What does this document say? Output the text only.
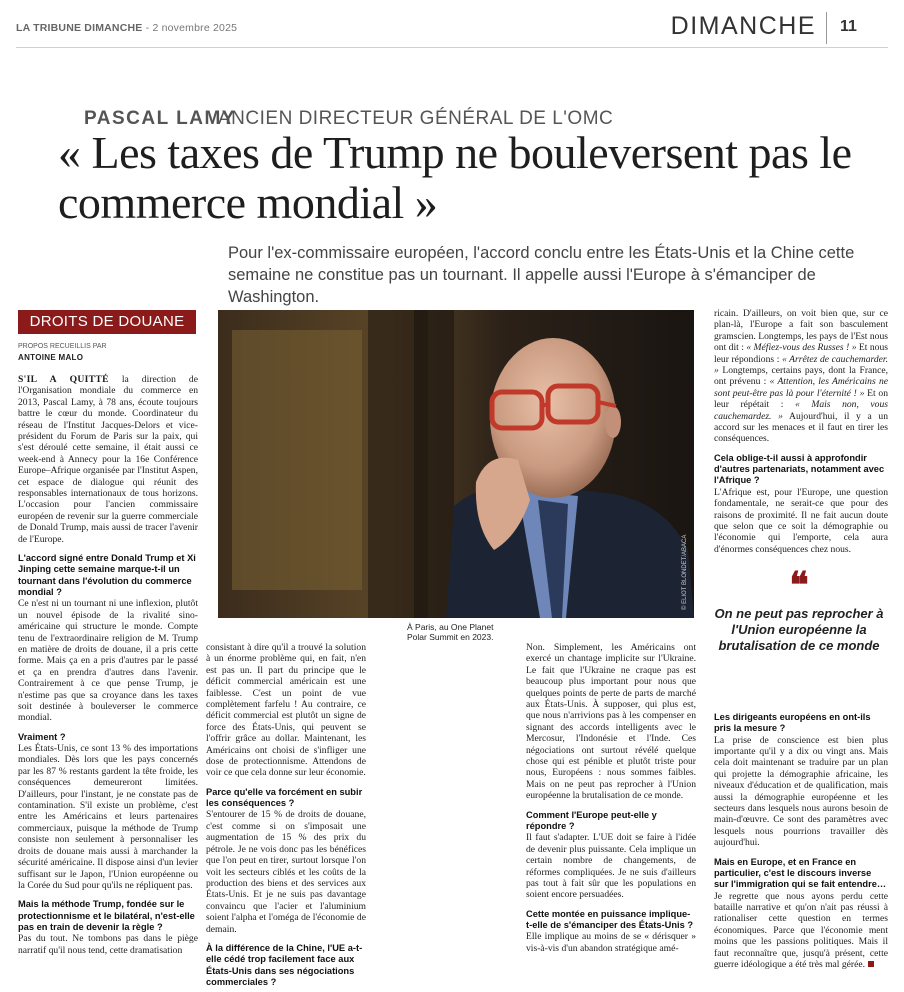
LA TRIBUNE DIMANCHE - 2 novembre 2025	DIMANCHE 11
PASCAL LAMY
ANCIEN DIRECTEUR GÉNÉRAL DE L'OMC
« Les taxes de Trump ne bouleversent pas le commerce mondial »
Pour l'ex-commissaire européen, l'accord conclu entre les États-Unis et la Chine cette semaine ne constitue pas un tournant. Il appelle aussi l'Europe à s'émanciper de Washington.
DROITS DE DOUANE
PROPOS RECUEILLIS PAR
ANTOINE MALO

S'IL A QUITTÉ la direction de l'Organisation mondiale du commerce en 2013, Pascal Lamy, à 78 ans, écoute toujours battre le cœur du monde. Coordinateur du réseau de l'Institut Jacques-Delors et vice-président du Forum de Paris sur la paix, qui s'est déroulé cette semaine, il était aussi ce week-end à Annecy pour la 16e Conférence Europe–Afrique organisée par l'Institut Aspen, cet espace de dialogue qui réunit des responsables internationaux de tous horizons. L'occasion pour l'ancien commissaire européen de revenir sur la guerre commerciale de Donald Trump, mais aussi de tracer l'avenir de l'Europe.

L'accord signé entre Donald Trump et Xi Jinping cette semaine marque-t-il un tournant dans l'évolution du commerce mondial ?

Ce n'est ni un tournant ni une inflexion, plutôt un nouvel épisode de la rivalité sino-américaine qui structure le monde. Compte tenu de l'extraordinaire religion de M. Trump en matière de droits de douane, il a pris cette forme. Mais ça en a pris d'autres par le passé et ça en prendra d'autres dans l'avenir. Contrairement à ce que pense Trump, je n'estime pas que sa croyance dans les taxes soit destinée à bouleverser le commerce mondial.

Vraiment ?

Les États-Unis, ce sont 13 % des importations mondiales. Dès lors que les pays concernés par les 87 % restants gardent la tête froide, les conséquences demeureront limitées. D'ailleurs, pour l'instant, je ne constate pas de contamination. S'il existe un problème, c'est entre les Américains et leurs partenaires commerciaux, puisque la méthode de Trump consiste non seulement à personnaliser les droits de douane mais aussi à marchander la sécurité américaine. Il dispose ainsi d'un levier suffisant sur le Japon, l'Union européenne ou la Corée du Sud pour qu'ils ne répliquent pas.

Mais la méthode Trump, fondée sur le protectionnisme et le bilatéral, n'est-elle pas en train de devenir la règle ?

Pas du tout. Ne tombons pas dans le piège narratif qu'il nous tend, cette dramatisation

© ELIOT BLONDET/ABACA
À Paris, au One Planet Polar Summit en 2023.

consistant à dire qu'il a trouvé la solution à un énorme problème qui, en fait, n'en est pas un. Il part du principe que le déficit commercial américain est une faiblesse. C'est un point de vue complètement farfelu ! Au contraire, ce déficit commercial est plutôt un signe de force des États-Unis, qui peuvent se l'offrir grâce au dollar. Maintenant, les Américains ont choisi de s'infliger une dose de protectionnisme. Attendons de voir ce que cela donne sur leur économie.

Parce qu'elle va forcément en subir les conséquences ?

S'entourer de 15 % de droits de douane, c'est comme si on s'imposait une augmentation de 15 % des prix du pétrole. Je ne vois donc pas les bénéfices que l'on peut en tirer, surtout lorsque l'on voit les secteurs ciblés et les coûts de la production des biens et des services aux États-Unis. Et je ne suis pas davantage convaincu que l'acier et l'aluminium soient l'alpha et l'oméga de l'économie de demain.

À la différence de la Chine, l'UE a-t-elle cédé trop facilement face aux États-Unis dans ses négociations commerciales ?

Non. Simplement, les Américains ont exercé un chantage implicite sur l'Ukraine. Le fait que l'Ukraine ne craque pas est beaucoup plus important pour nous que quelques points de perte de parts de marché aux États-Unis. À supposer, qui plus est, que nous n'arrivions pas à les compenser en signant des accords intelligents avec le Mercosur, l'Indonésie et l'Inde. Ces négociations ont surtout révélé quelque chose qui est pénible et plutôt triste pour nous, Européens : nous sommes faibles. Mais on ne peut pas reprocher à l'Union européenne la brutalisation de ce monde.

Comment l'Europe peut-elle y répondre ?

Il faut s'adapter. L'UE doit se faire à l'idée de devenir plus puissante. Cela implique un certain nombre de changements, de réformes compliquées. Je ne suis d'ailleurs pas tout à fait sûr que les populations en soient encore persuadées.

Cette montée en puissance implique-t-elle de s'émanciper des États-Unis ?

Elle implique au moins de se « dérisquer » vis-à-vis d'un abandon stratégique amé-

ricain. D'ailleurs, on voit bien que, sur ce plan-là, l'Europe a fait son basculement gramscien. Longtemps, les pays de l'Est nous ont dit : « Méfiez-vous des Russes ! » Et nous leur répondions : « Arrêtez de cauchemarder. » Longtemps, certains pays, dont la France, ont prévenu : « Attention, les Américains ne sont peut-être pas là pour l'éternité ! » Et on leur répétait : « Mais non, vous cauchemardez. » Aujourd'hui, il y a un accord sur les menaces et il faut en tirer les conséquences.

Cela oblige-t-il aussi à approfondir d'autres partenariats, notamment avec l'Afrique ?

L'Afrique est, pour l'Europe, une question fondamentale, ne serait-ce que pour des raisons de proximité. Il ne fait aucun doute que selon que ce soit la démographie ou l'économie qui l'emporte, cela aura d'énormes conséquences chez nous.

❝
On ne peut pas reprocher à l'Union européenne la brutalisation de ce monde

Les dirigeants européens en ont-ils pris la mesure ?

La prise de conscience est bien plus importante qu'il y a dix ou vingt ans. Mais cela doit maintenant se traduire par un plan qui projette la démographie africaine, les niveaux d'éducation et de qualification, mais aussi la démographie européenne et les secteurs dans lesquels nous aurons besoin de main-d'œuvre. Ce sont des paramètres avec lesquels nous pourrions travailler dès aujourd'hui.

Mais en Europe, et en France en particulier, c'est le discours inverse sur l'immigration qui se fait entendre…

Je regrette que nous ayons perdu cette bataille narrative et qu'on n'ait pas réussi à rationaliser cette question en termes économiques. Parce que l'économie ment moins que les passions politiques. Mais il faut reconnaître que, jusqu'à présent, cette guerre idéologique a été très mal gérée.
